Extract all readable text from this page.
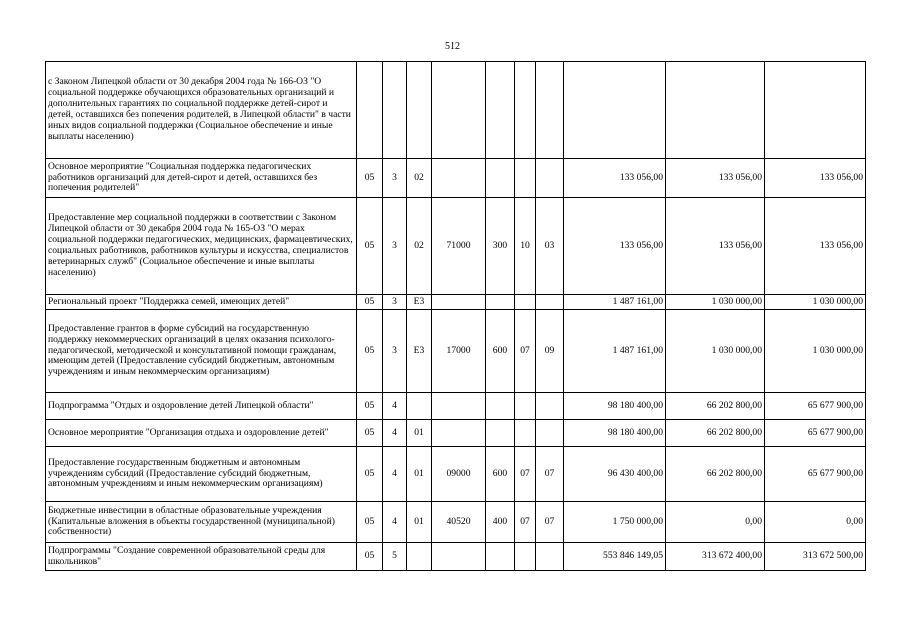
512
с Законом Липецкой области от 30 декабря 2004 года № 166-ОЗ "О социальной поддержке обучающихся образовательных организаций и дополнительных гарантиях по социальной поддержке детей-сирот и детей, оставшихся без попечения родителей, в Липецкой области" в части иных видов социальной поддержки (Социальное обеспечение и иные выплаты населению)										
Основное мероприятие "Социальная поддержка педагогических работников организаций для детей-сирот и детей, оставшихся без попечения родителей"	05	3	02					133 056,00	133 056,00	133 056,00
Предоставление мер социальной поддержки в соответствии с Законом Липецкой области от 30 декабря 2004 года № 165-ОЗ "О мерах социальной поддержки педагогических, медицинских, фармацевтических, социальных работников, работников культуры и искусства, специалистов ветеринарных служб" (Социальное обеспечение и иные выплаты населению)	05	3	02	71000	300	10	03	133 056,00	133 056,00	133 056,00
Региональный проект "Поддержка семей, имеющих детей"	05	3	E3					1 487 161,00	1 030 000,00	1 030 000,00
Предоставление грантов в форме субсидий на государственную поддержку некоммерческих организаций в целях оказания психолого-педагогической, методической и консультативной помощи гражданам, имеющим детей (Предоставление субсидий бюджетным, автономным учреждениям и иным некоммерческим организациям)	05	3	E3	17000	600	07	09	1 487 161,00	1 030 000,00	1 030 000,00
Подпрограмма "Отдых и оздоровление детей Липецкой области"	05	4						98 180 400,00	66 202 800,00	65 677 900,00
Основное мероприятие "Организация отдыха и оздоровление детей"	05	4	01					98 180 400,00	66 202 800,00	65 677 900,00
Предоставление государственным бюджетным и автономным учреждениям субсидий (Предоставление субсидий бюджетным, автономным учреждениям и иным некоммерческим организациям)	05	4	01	09000	600	07	07	96 430 400,00	66 202 800,00	65 677 900,00
Бюджетные инвестиции в областные образовательные учреждения (Капитальные вложения в объекты государственной (муниципальной) собственности)	05	4	01	40520	400	07	07	1 750 000,00	0,00	0,00
Подпрограммы "Создание современной образовательной среды для школьников"	05	5						553 846 149,05	313 672 400,00	313 672 500,00
